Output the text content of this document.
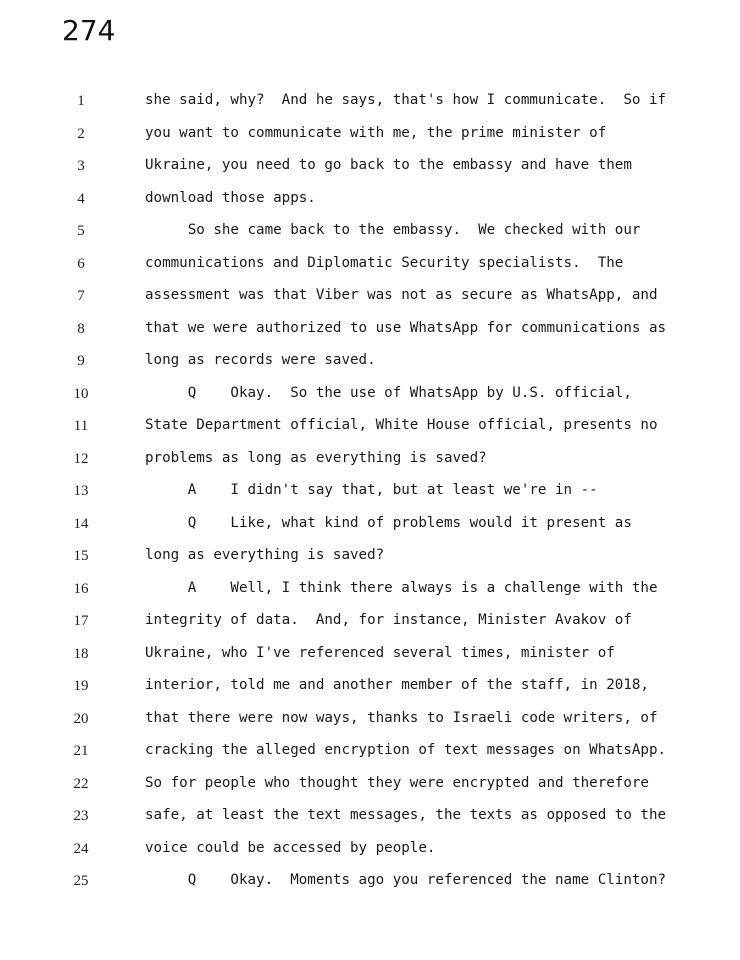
274
1	she said, why?  And he says, that's how I communicate.  So if
2	you want to communicate with me, the prime minister of
3	Ukraine, you need to go back to the embassy and have them
4	download those apps.
5	So she came back to the embassy.  We checked with our
6	communications and Diplomatic Security specialists.  The
7	assessment was that Viber was not as secure as WhatsApp, and
8	that we were authorized to use WhatsApp for communications as
9	long as records were saved.
10	Q    Okay.  So the use of WhatsApp by U.S. official,
11	State Department official, White House official, presents no
12	problems as long as everything is saved?
13	A    I didn't say that, but at least we're in --
14	Q    Like, what kind of problems would it present as
15	long as everything is saved?
16	A    Well, I think there always is a challenge with the
17	integrity of data.  And, for instance, Minister Avakov of
18	Ukraine, who I've referenced several times, minister of
19	interior, told me and another member of the staff, in 2018,
20	that there were now ways, thanks to Israeli code writers, of
21	cracking the alleged encryption of text messages on WhatsApp.
22	So for people who thought they were encrypted and therefore
23	safe, at least the text messages, the texts as opposed to the
24	voice could be accessed by people.
25	Q    Okay.  Moments ago you referenced the name Clinton?
